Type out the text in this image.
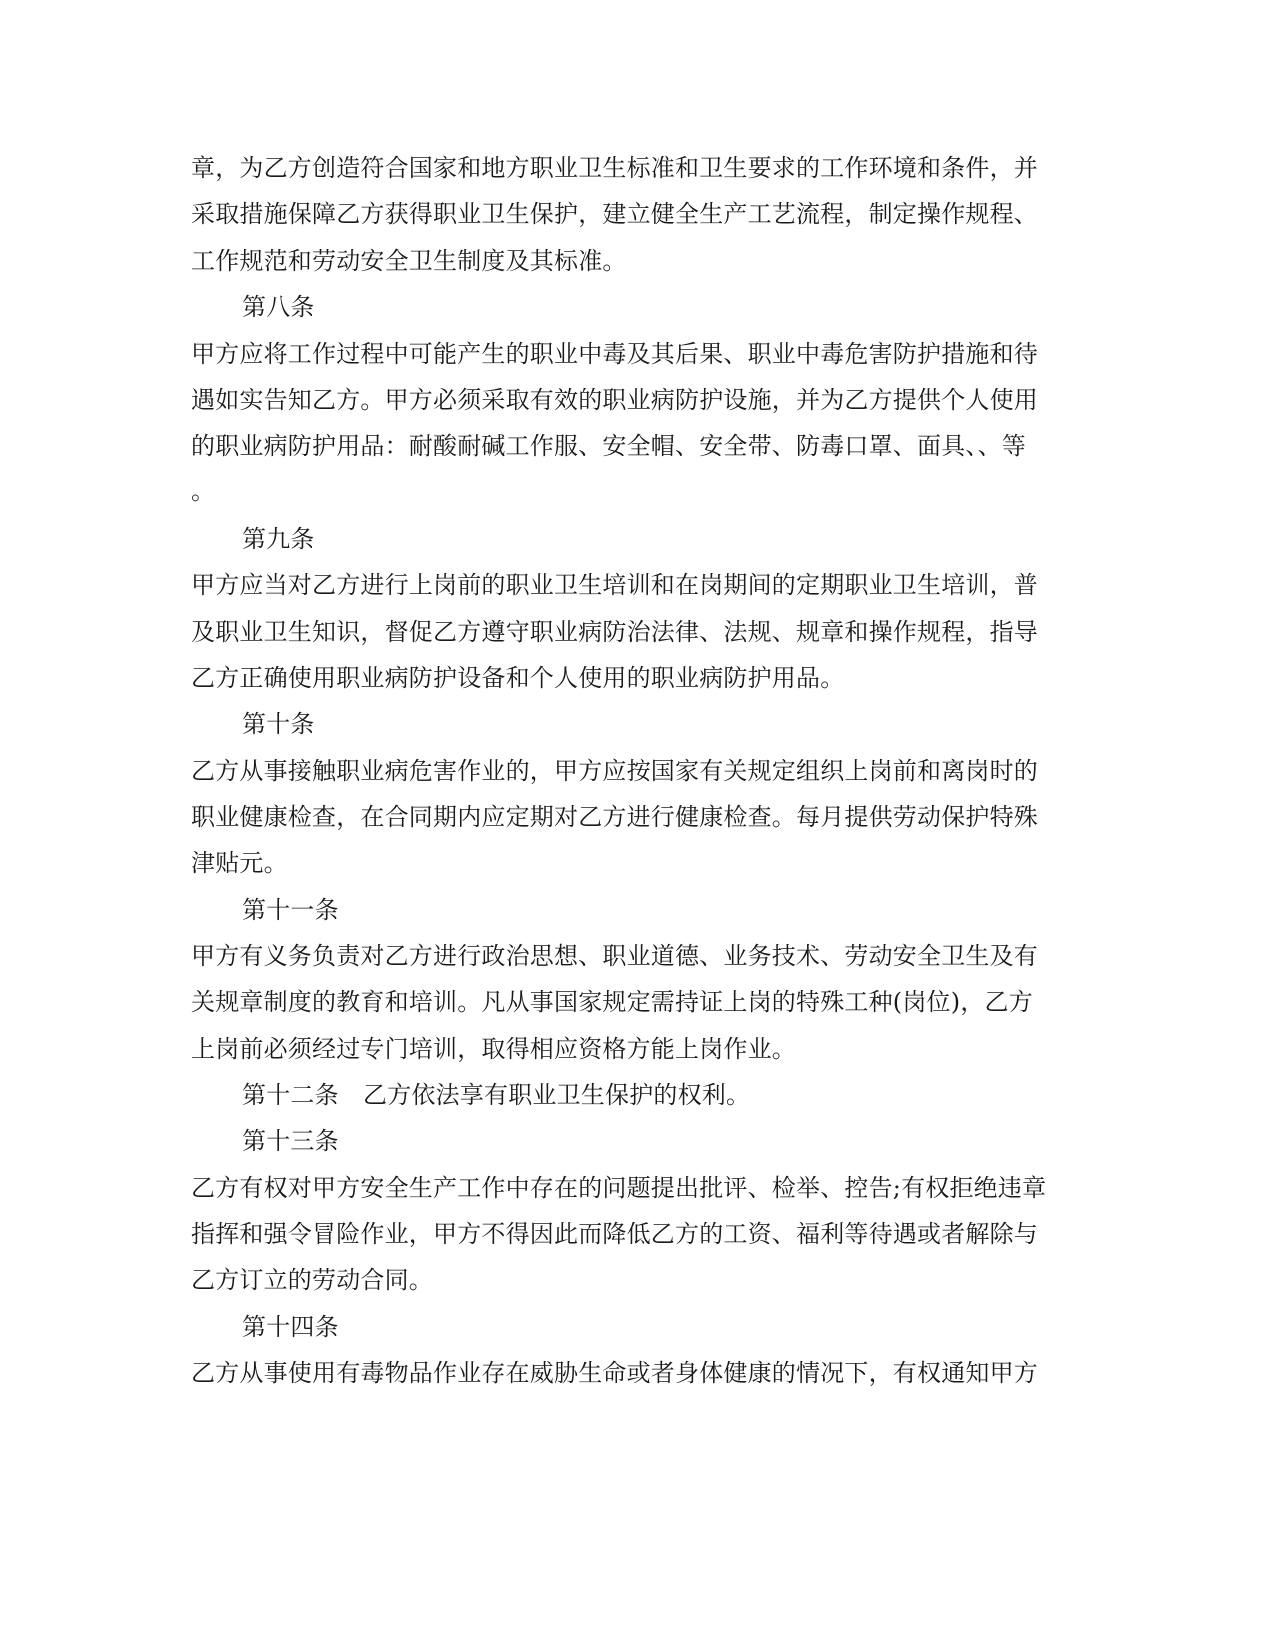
章，为乙方创造符合国家和地方职业卫生标准和卫生要求的工作环境和条件，并
采取措施保障乙方获得职业卫生保护，建立健全生产工艺流程，制定操作规程、
工作规范和劳动安全卫生制度及其标准。
第八条
甲方应将工作过程中可能产生的职业中毒及其后果、职业中毒危害防护措施和待
遇如实告知乙方。甲方必须采取有效的职业病防护设施，并为乙方提供个人使用
的职业病防护用品：耐酸耐碱工作服、安全帽、安全带、防毒口罩、面具、、等
。
第九条
甲方应当对乙方进行上岗前的职业卫生培训和在岗期间的定期职业卫生培训，普
及职业卫生知识，督促乙方遵守职业病防治法律、法规、规章和操作规程，指导
乙方正确使用职业病防护设备和个人使用的职业病防护用品。
第十条
乙方从事接触职业病危害作业的，甲方应按国家有关规定组织上岗前和离岗时的
职业健康检查，在合同期内应定期对乙方进行健康检查。每月提供劳动保护特殊
津贴元。
第十一条
甲方有义务负责对乙方进行政治思想、职业道德、业务技术、劳动安全卫生及有
关规章制度的教育和培训。凡从事国家规定需持证上岗的特殊工种(岗位)，乙方
上岗前必须经过专门培训，取得相应资格方能上岗作业。
第十二条　乙方依法享有职业卫生保护的权利。
第十三条
乙方有权对甲方安全生产工作中存在的问题提出批评、检举、控告;有权拒绝违章
指挥和强令冒险作业，甲方不得因此而降低乙方的工资、福利等待遇或者解除与
乙方订立的劳动合同。
第十四条
乙方从事使用有毒物品作业存在威胁生命或者身体健康的情况下，有权通知甲方
